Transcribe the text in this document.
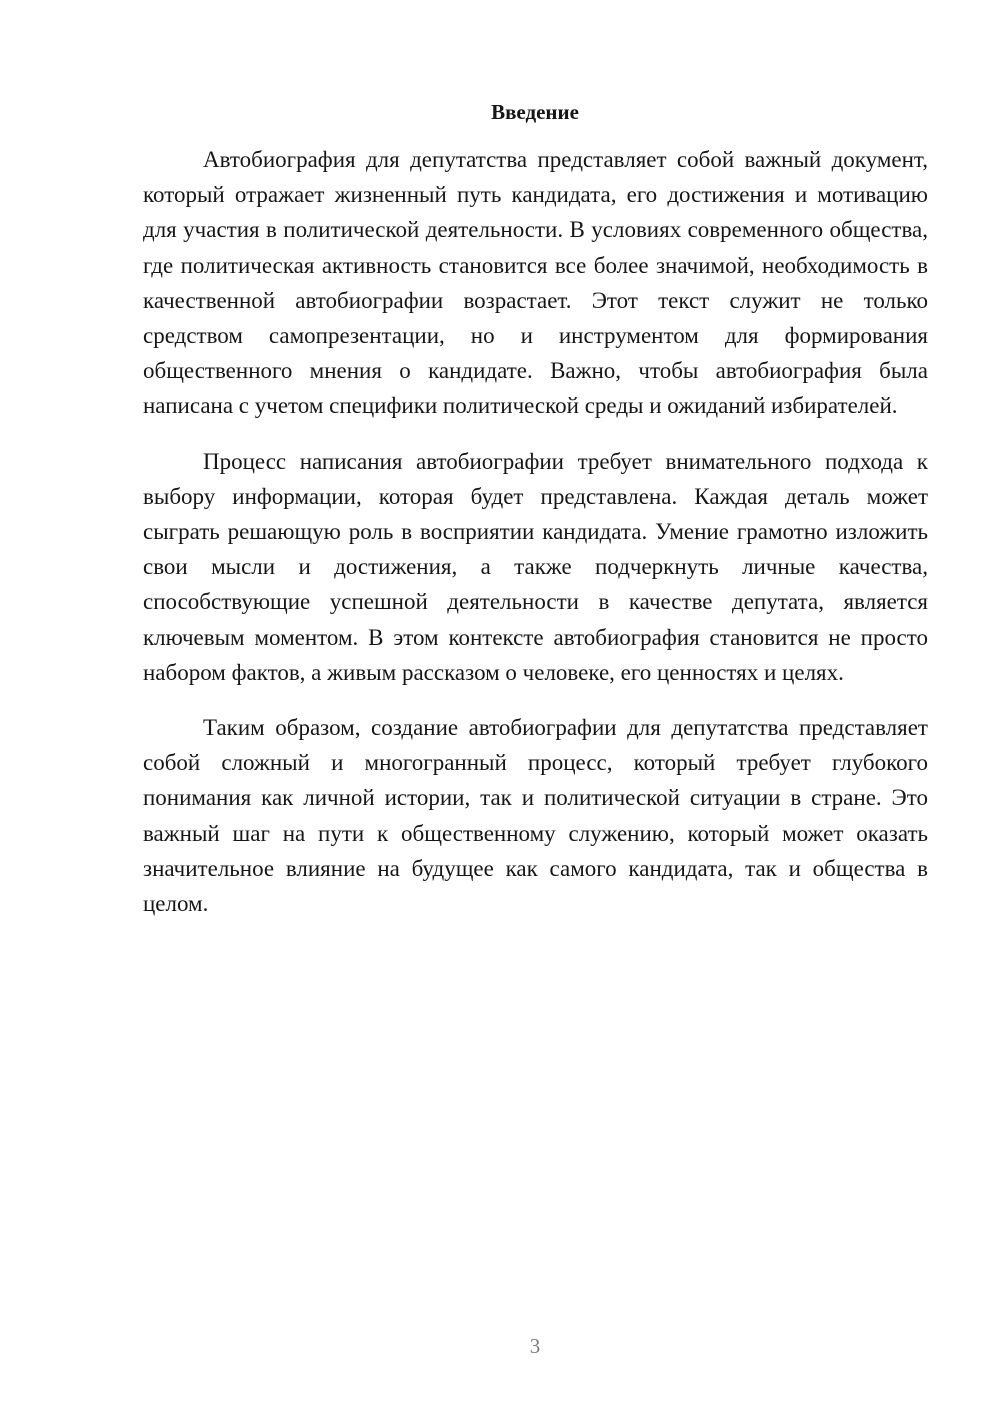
Введение

Автобиография для депутатства представляет собой важный документ, который отражает жизненный путь кандидата, его достижения и мотивацию для участия в политической деятельности. В условиях современного общества, где политическая активность становится все более значимой, необходимость в качественной автобиографии возрастает. Этот текст служит не только средством самопрезентации, но и инструментом для формирования общественного мнения о кандидате. Важно, чтобы автобиография была написана с учетом специфики политической среды и ожиданий избирателей.

Процесс написания автобиографии требует внимательного подхода к выбору информации, которая будет представлена. Каждая деталь может сыграть решающую роль в восприятии кандидата. Умение грамотно изложить свои мысли и достижения, а также подчеркнуть личные качества, способствующие успешной деятельности в качестве депутата, является ключевым моментом. В этом контексте автобиография становится не просто набором фактов, а живым рассказом о человеке, его ценностях и целях.

Таким образом, создание автобиографии для депутатства представляет собой сложный и многогранный процесс, который требует глубокого понимания как личной истории, так и политической ситуации в стране. Это важный шаг на пути к общественному служению, который может оказать значительное влияние на будущее как самого кандидата, так и общества в целом.

3
